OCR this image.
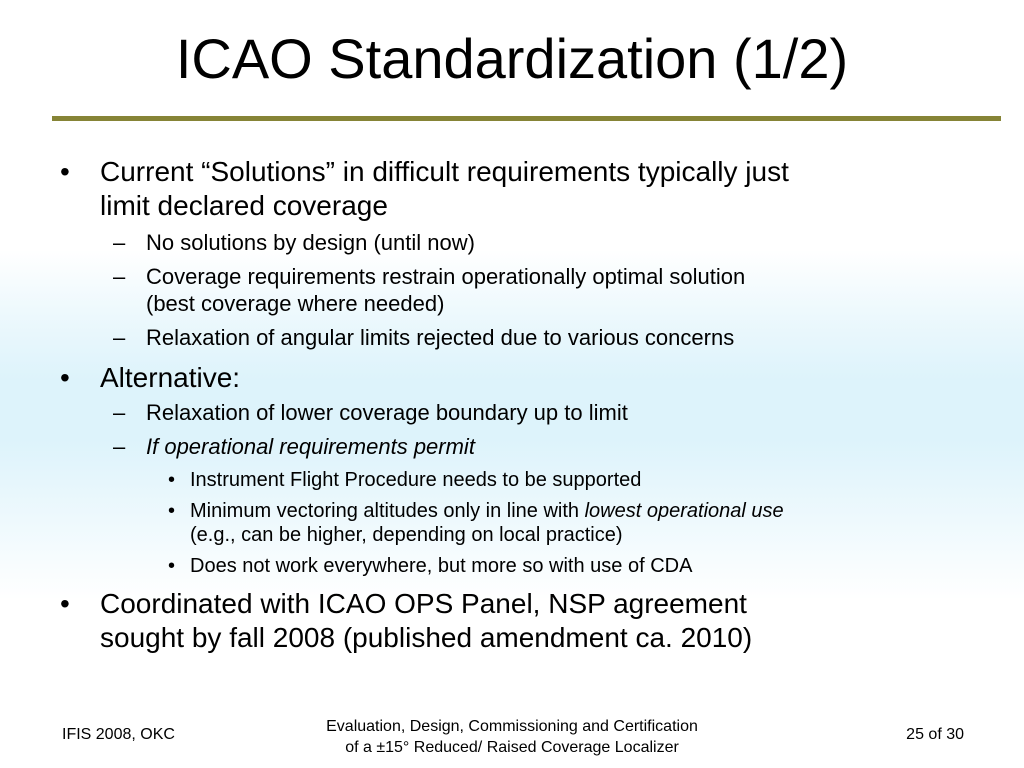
ICAO Standardization (1/2)
• Current “Solutions” in difficult requirements typically just
limit declared coverage
– No solutions by design (until now)
– Coverage requirements restrain operationally optimal solution
(best coverage where needed)
– Relaxation of angular limits rejected due to various concerns
• Alternative:
– Relaxation of lower coverage boundary up to limit
– If operational requirements permit
• Instrument Flight Procedure needs to be supported
• Minimum vectoring altitudes only in line with lowest operational use
(e.g., can be higher, depending on local practice)
• Does not work everywhere, but more so with use of CDA
• Coordinated with ICAO OPS Panel, NSP agreement
sought by fall 2008 (published amendment ca. 2010)
IFIS 2008, OKC	Evaluation, Design, Commissioning and Certification
of a ±15° Reduced/ Raised Coverage Localizer
25 of 30
